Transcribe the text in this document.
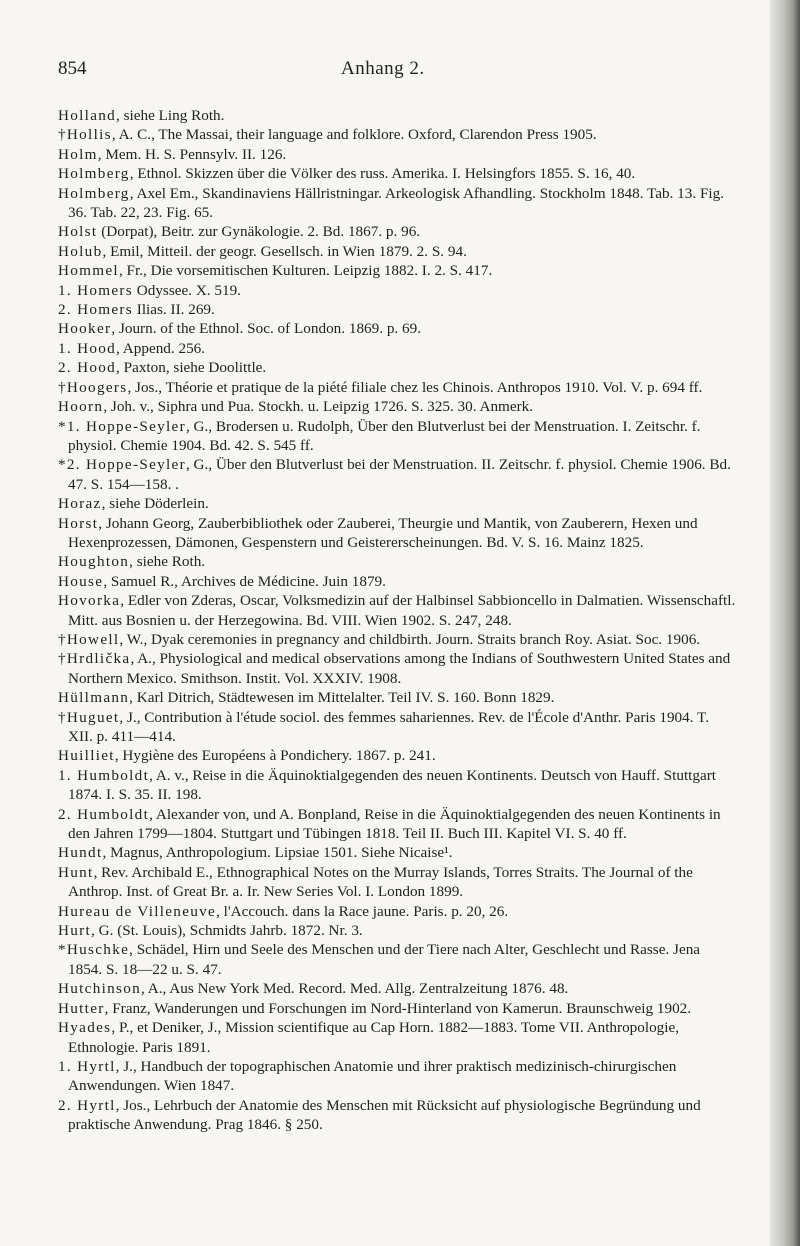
854	Anhang 2.
Holland, siehe Ling Roth.
†Hollis, A. C., The Massai, their language and folklore. Oxford, Clarendon Press 1905.
Holm, Mem. H. S. Pennsylv. II. 126.
Holmberg, Ethnol. Skizzen über die Völker des russ. Amerika. I. Helsingfors 1855. S. 16, 40.
Holmberg, Axel Em., Skandinaviens Hällristningar. Arkeologisk Afhandling. Stockholm 1848. Tab. 13. Fig. 36. Tab. 22, 23. Fig. 65.
Holst (Dorpat), Beitr. zur Gynäkologie. 2. Bd. 1867. p. 96.
Holub, Emil, Mitteil. der geogr. Gesellsch. in Wien 1879. 2. S. 94.
Hommel, Fr., Die vorsemitischen Kulturen. Leipzig 1882. I. 2. S. 417.
1. Homers Odyssee. X. 519.
2. Homers Ilias. II. 269.
Hooker, Journ. of the Ethnol. Soc. of London. 1869. p. 69.
1. Hood, Append. 256.
2. Hood, Paxton, siehe Doolittle.
†Hoogers, Jos., Théorie et pratique de la piété filiale chez les Chinois. Anthropos 1910. Vol. V. p. 694 ff.
Hoorn, Joh. v., Siphra und Pua. Stockh. u. Leipzig 1726. S. 325. 30. Anmerk.
*1. Hoppe-Seyler, G., Brodersen u. Rudolph, Über den Blutverlust bei der Menstruation. I. Zeitschr. f. physiol. Chemie 1904. Bd. 42. S. 545 ff.
*2. Hoppe-Seyler, G., Über den Blutverlust bei der Menstruation. II. Zeitschr. f. physiol. Chemie 1906. Bd. 47. S. 154—158. .
Horaz, siehe Döderlein.
Horst, Johann Georg, Zauberbibliothek oder Zauberei, Theurgie und Mantik, von Zauberern, Hexen und Hexenprozessen, Dämonen, Gespenstern und Geistererscheinungen. Bd. V. S. 16. Mainz 1825.
Houghton, siehe Roth.
House, Samuel R., Archives de Médicine. Juin 1879.
Hovorka, Edler von Zderas, Oscar, Volksmedizin auf der Halbinsel Sabbioncello in Dalmatien. Wissenschaftl. Mitt. aus Bosnien u. der Herzegowina. Bd. VIII. Wien 1902. S. 247, 248.
†Howell, W., Dyak ceremonies in pregnancy and childbirth. Journ. Straits branch Roy. Asiat. Soc. 1906.
†Hrdlička, A., Physiological and medical observations among the Indians of Southwestern United States and Northern Mexico. Smithson. Instit. Vol. XXXIV. 1908.
Hüllmann, Karl Ditrich, Städtewesen im Mittelalter. Teil IV. S. 160. Bonn 1829.
†Huguet, J., Contribution à l'étude sociol. des femmes sahariennes. Rev. de l'École d'Anthr. Paris 1904. T. XII. p. 411—414.
Huilliet, Hygiène des Européens à Pondichery. 1867. p. 241.
1. Humboldt, A. v., Reise in die Äquinoktialgegenden des neuen Kontinents. Deutsch von Hauff. Stuttgart 1874. I. S. 35. II. 198.
2. Humboldt, Alexander von, und A. Bonpland, Reise in die Äquinoktialgegenden des neuen Kontinents in den Jahren 1799—1804. Stuttgart und Tübingen 1818. Teil II. Buch III. Kapitel VI. S. 40 ff.
Hundt, Magnus, Anthropologium. Lipsiae 1501. Siehe Nicaise¹.
Hunt, Rev. Archibald E., Ethnographical Notes on the Murray Islands, Torres Straits. The Journal of the Anthrop. Inst. of Great Br. a. Ir. New Series Vol. I. London 1899.
Hureau de Villeneuve, l'Accouch. dans la Race jaune. Paris. p. 20, 26.
Hurt, G. (St. Louis), Schmidts Jahrb. 1872. Nr. 3.
*Huschke, Schädel, Hirn und Seele des Menschen und der Tiere nach Alter, Geschlecht und Rasse. Jena 1854. S. 18—22 u. S. 47.
Hutchinson, A., Aus New York Med. Record. Med. Allg. Zentralzeitung 1876. 48.
Hutter, Franz, Wanderungen und Forschungen im Nord-Hinterland von Kamerun. Braunschweig 1902.
Hyades, P., et Deniker, J., Mission scientifique au Cap Horn. 1882—1883. Tome VII. Anthropologie, Ethnologie. Paris 1891.
1. Hyrtl, J., Handbuch der topographischen Anatomie und ihrer praktisch medizinisch-chirurgischen Anwendungen. Wien 1847.
2. Hyrtl, Jos., Lehrbuch der Anatomie des Menschen mit Rücksicht auf physiologische Begründung und praktische Anwendung. Prag 1846. § 250.
